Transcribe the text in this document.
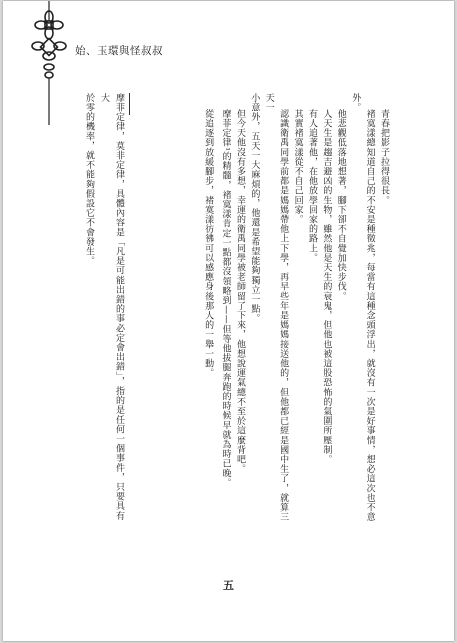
始、玉環與怪叔叔

青春把影子拉得很長。

褚寞漾總知道自己的不安是種徵兆，每當有這種念頭浮出，就沒有一次是好事情，想必這次也不意外。

他悲觀低落地想著，腳下卻不自覺加快步伐。

人天生是趨吉避凶的生物，雖然他是天生的衰鬼，但他也被這股恐怖的氣圍所壓制。

有人追著他，在他放學回家的路上。

其實褚寞漾從不自己回家。

認識衛禹同學前都是媽媽帶他上下學，再早些年是媽媽接送他的，但他都已經是國中生了，就算三天一

小意外，五天一大麻煩的，他還是希望能夠獨立一點。

但今天他沒有多想，幸運的衛禹同學被老師留了下來，他想說運氣總不至於這麼背吧。

摩菲定律¹的精髓，褚寞漾肯定一點都沒領略到——但等他拔腿奔跑的時候早就為時已晚。

從追逐到放緩腳步，褚寞漾彷彿可以感應身後那人的一舉一動。

摩菲定律，莫非定律，具體內容是「凡是可能出錯的事必定會出錯」，指的是任何一個事件，只要具有大

於零的機率，就不能夠假設它不會發生。

五
